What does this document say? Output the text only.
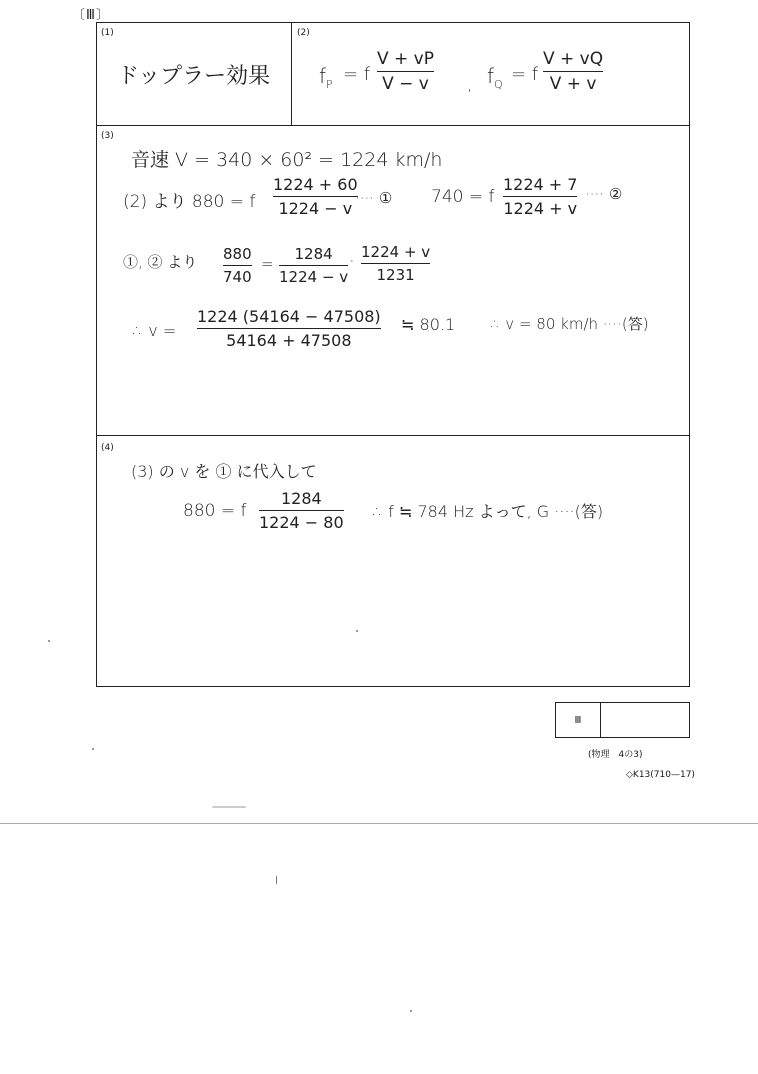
〔Ⅲ〕
(1)
ドップラー効果
(2)
$f_P = f$
V + vP
V − v	, $f_Q = f$
V + vQ
V + v
(3)
音速 V = 340 × 60² = 1224 km/h
(2) より 880 = f
1224 + 60
1224 − v
···· ① 740 = f
1224 + 7
1224 + v
···· ②
①, ② より 880
740
=
1284
1224 − v
· 1224 + v
1231
∴ v =
1224 (54164 − 47508)
54164 + 47508
≒ 80.1 ∴ v = 80 km/h ····(答)
(4)
(3) の v を ① に代入して
880 = f
1284
1224 − 80
∴ f ≒ 784 Hz よって, G ····(答)
Ⅲ
(物理　4の3)
◇K13(710—17)
